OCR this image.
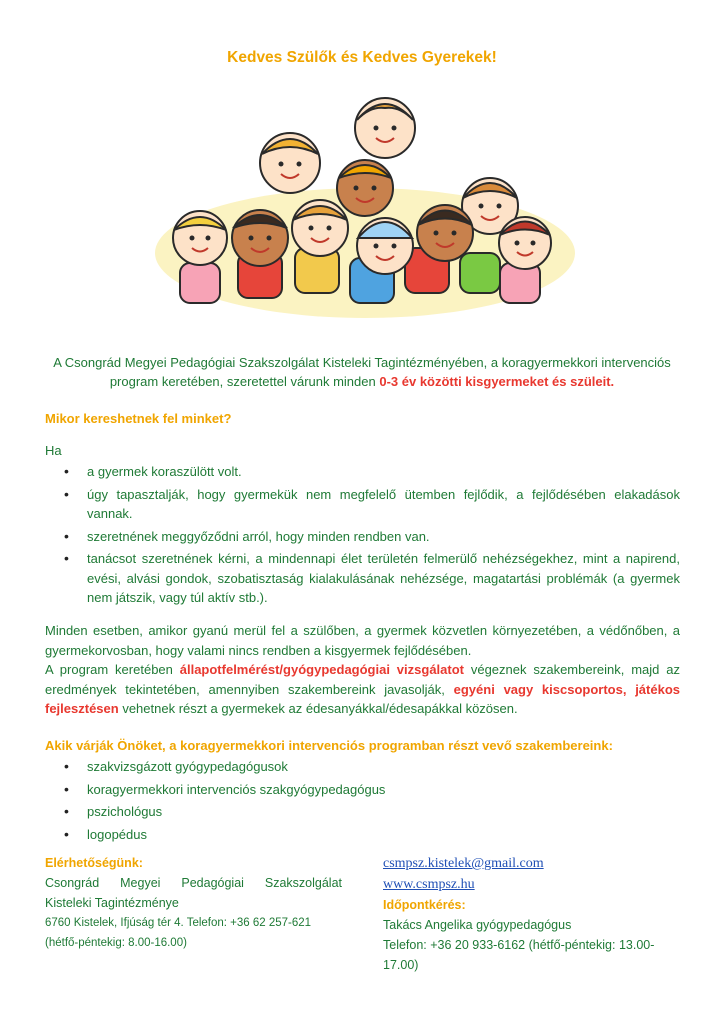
Kedves Szülők és Kedves Gyerekek!
A Csongrád Megyei Pedagógiai Szakszolgálat Kisteleki Tagintézményében, a koragyermekkori intervenciós program keretében, szeretettel várunk minden 0-3 év közötti kisgyermeket és szüleit.
Mikor kereshetnek fel minket?
Ha
• a gyermek koraszülött volt.
• úgy tapasztalják, hogy gyermekük nem megfelelő ütemben fejlődik, a fejlődésében elakadások vannak.
• szeretnének meggyőződni arról, hogy minden rendben van.
• tanácsot szeretnének kérni, a mindennapi élet területén felmerülő nehézségekhez, mint a napirend, evési, alvási gondok, szobatisztaság kialakulásának nehézsége, magatartási problémák (a gyermek nem játszik, vagy túl aktív stb.).

Minden esetben, amikor gyanú merül fel a szülőben, a gyermek közvetlen környezetében, a védőnőben, a gyermekorvosban, hogy valami nincs rendben a kisgyermek fejlődésében.

A program keretében állapotfelmérést/gyógypedagógiai vizsgálatot végeznek szakembereink, majd az eredmények tekintetében, amennyiben szakembereink javasolják, egyéni vagy kiscsoportos, játékos fejlesztésen vehetnek részt a gyermekek az édesanyákkal/édesapákkal közösen.

Akik várják Önöket, a koragyermekkori intervenciós programban részt vevő szakembereink:
• szakvizsgázott gyógypedagógusok
• koragyermekkori intervenciós szakgyógypedagógus
• pszichológus
• logopédus
Elérhetőségünk:
Csongrád Megyei Pedagógiai Szakszolgálat
Kisteleki Tagintézménye
6760 Kistelek, Ifjúság tér 4. Telefon: +36 62 257-621
(hétfő-péntekig: 8.00-16.00)
csmpsz.kistelek@gmail.com
www.csmpsz.hu
Időpontkérés:
Takács Angelika gyógypedagógus
Telefon: +36 20 933-6162 (hétfő-péntekig: 13.00-17.00)
